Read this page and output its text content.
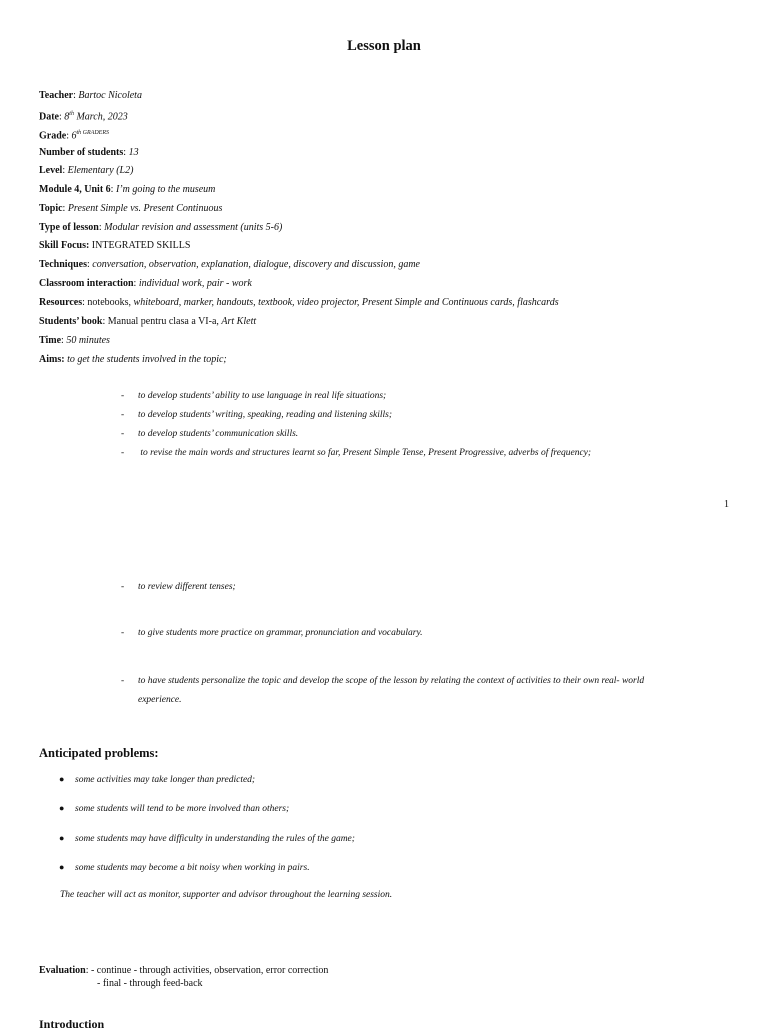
Lesson plan
Teacher: Bartoc Nicoleta
Date: 8th March, 2023
Grade: $6^{th GRADERS}$
Number of students: 13
Level: Elementary (L2)
Module 4, Unit 6: I’m going to the museum
Topic: Present Simple vs. Present Continuous
Type of lesson: Modular revision and assessment (units 5-6)
Skill Focus: INTEGRATED SKILLS
Techniques: conversation, observation, explanation, dialogue, discovery and discussion, game
Classroom interaction: individual work, pair - work
Resources: notebooks, whiteboard, marker, handouts, textbook, video projector, Present Simple and Continuous cards, flashcards
Students’ book: Manual pentru clasa a VI-a, Art Klett
Time: 50 minutes
Aims: to get the students involved in the topic;
- to develop students’ ability to use language in real life situations;
- to develop students’ writing, speaking, reading and listening skills;
- to develop students’ communication skills.
- to revise the main words and structures learnt so far, Present Simple Tense, Present Progressive, adverbs of frequency;
1
- to review different tenses;
- to give students more practice on grammar, pronunciation and vocabulary.
- to have students personalize the topic and develop the scope of the lesson by relating the context of activities to their own real- world
experience.
Anticipated problems:
● some activities may take longer than predicted;
● some students will tend to be more involved than others;
● some students may have difficulty in understanding the rules of the game;
● some students may become a bit noisy when working in pairs.
The teacher will act as monitor, supporter and advisor throughout the learning session.
Evaluation: - continue - through activities, observation, error correction
- final - through feed-back
Introduction
